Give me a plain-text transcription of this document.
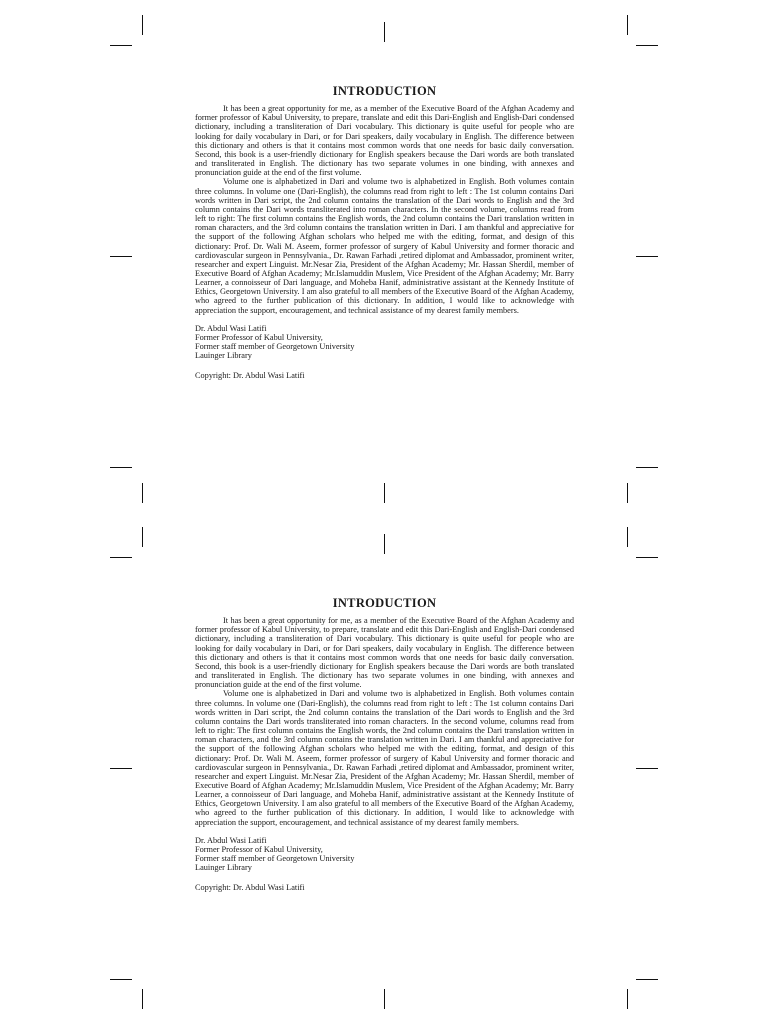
INTRODUCTION

It has been a great opportunity for me, as a member of the Executive Board of the Afghan Academy and former professor of Kabul University, to prepare, translate and edit this Dari-English and English-Dari condensed dictionary, including a transliteration of Dari vocabulary. This dictionary is quite useful for people who are looking for daily vocabulary in Dari, or for Dari speakers, daily vocabulary in English. The difference between this dictionary and others is that it contains most common words that one needs for basic daily conversation. Second, this book is a user-friendly dictionary for English speakers because the Dari words are both translated and transliterated in English. The dictionary has two separate volumes in one binding, with annexes and pronunciation guide at the end of the first volume.

Volume one is alphabetized in Dari and volume two is alphabetized in English. Both volumes contain three columns. In volume one (Dari-English), the columns read from right to left : The 1st column contains Dari words written in Dari script, the 2nd column contains the translation of the Dari words to English and the 3rd column contains the Dari words transliterated into roman characters. In the second volume, columns read from left to right: The first column contains the English words, the 2nd column contains the Dari translation written in roman characters, and the 3rd column contains the translation written in Dari. I am thankful and appreciative for the support of the following Afghan scholars who helped me with the editing, format, and design of this dictionary: Prof. Dr. Wali M. Aseem, former professor of surgery of Kabul University and former thoracic and cardiovascular surgeon in Pennsylvania., Dr. Rawan Farhadi ,retired diplomat and Ambassador, prominent writer, researcher and expert Linguist. Mr.Nesar Zia, President of the Afghan Academy; Mr. Hassan Sherdil, member of Executive Board of Afghan Academy; Mr.Islamuddin Muslem, Vice President of the Afghan Academy; Mr. Barry Learner, a connoisseur of Dari language, and Moheba Hanif, administrative assistant at the Kennedy Institute of Ethics, Georgetown University. I am also grateful to all members of the Executive Board of the Afghan Academy, who agreed to the further publication of this dictionary. In addition, I would like to acknowledge with appreciation the support, encouragement, and technical assistance of my dearest family members.

Dr. Abdul Wasi Latifi
Former Professor of Kabul University,
Former staff member of Georgetown University
Lauinger Library
Copyright: Dr. Abdul Wasi Latifi
INTRODUCTION

It has been a great opportunity for me, as a member of the Executive Board of the Afghan Academy and former professor of Kabul University, to prepare, translate and edit this Dari-English and English-Dari condensed dictionary, including a transliteration of Dari vocabulary. This dictionary is quite useful for people who are looking for daily vocabulary in Dari, or for Dari speakers, daily vocabulary in English. The difference between this dictionary and others is that it contains most common words that one needs for basic daily conversation. Second, this book is a user-friendly dictionary for English speakers because the Dari words are both translated and transliterated in English. The dictionary has two separate volumes in one binding, with annexes and pronunciation guide at the end of the first volume.

Volume one is alphabetized in Dari and volume two is alphabetized in English. Both volumes contain three columns. In volume one (Dari-English), the columns read from right to left : The 1st column contains Dari words written in Dari script, the 2nd column contains the translation of the Dari words to English and the 3rd column contains the Dari words transliterated into roman characters. In the second volume, columns read from left to right: The first column contains the English words, the 2nd column contains the Dari translation written in roman characters, and the 3rd column contains the translation written in Dari. I am thankful and appreciative for the support of the following Afghan scholars who helped me with the editing, format, and design of this dictionary: Prof. Dr. Wali M. Aseem, former professor of surgery of Kabul University and former thoracic and cardiovascular surgeon in Pennsylvania., Dr. Rawan Farhadi ,retired diplomat and Ambassador, prominent writer, researcher and expert Linguist. Mr.Nesar Zia, President of the Afghan Academy; Mr. Hassan Sherdil, member of Executive Board of Afghan Academy; Mr.Islamuddin Muslem, Vice President of the Afghan Academy; Mr. Barry Learner, a connoisseur of Dari language, and Moheba Hanif, administrative assistant at the Kennedy Institute of Ethics, Georgetown University. I am also grateful to all members of the Executive Board of the Afghan Academy, who agreed to the further publication of this dictionary. In addition, I would like to acknowledge with appreciation the support, encouragement, and technical assistance of my dearest family members.

Dr. Abdul Wasi Latifi
Former Professor of Kabul University,
Former staff member of Georgetown University
Lauinger Library
Copyright: Dr. Abdul Wasi Latifi
